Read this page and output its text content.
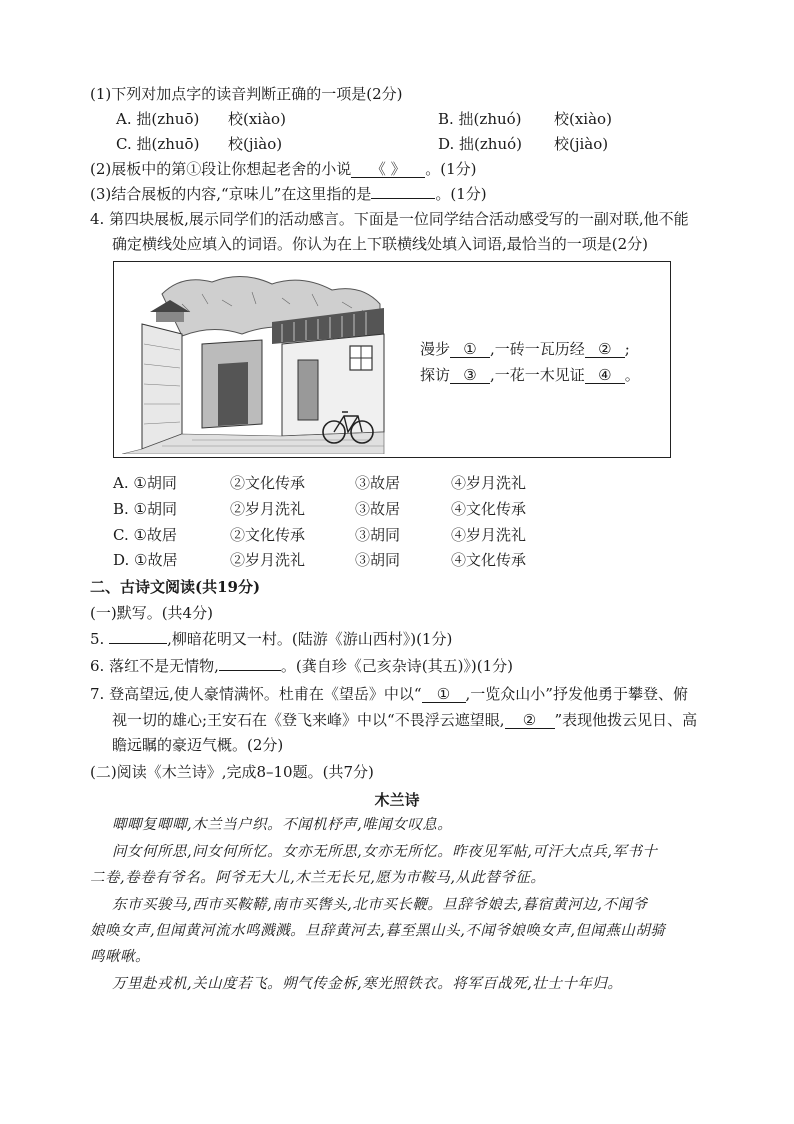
(1)下列对加点字的读音判断正确的一项是(2分)
A. 拙(zhuō) 校(xiào)	B. 拙(zhuó) 校(xiào)
C. 拙(zhuō) 校(jiào)	D. 拙(zhuó) 校(jiào)
(2)展板中的第①段让你想起老舍的小说 《 》 。(1分)
(3)结合展板的内容,“京味儿”在这里指的是	。(1分)
4. 第四块展板,展示同学们的活动感言。下面是一位同学结合活动感受写的一副对联,他不能
确定横线处应填入的词语。你认为在上下联横线处填入词语,最恰当的一项是(2分)
漫步 ① ,一砖一瓦历经 ② ;
探访 ③ ,一花一木见证 ④ 。
A. ①胡同	②文化传承	③故居	④岁月洗礼
B. ①胡同	②岁月洗礼	③故居	④文化传承
C. ①故居	②文化传承	③胡同	④岁月洗礼
D. ①故居	②岁月洗礼	③胡同	④文化传承
二、古诗文阅读(共19分)
(一)默写。(共4分)
5.	,柳暗花明又一村。(陆游《游山西村》)(1分)
6. 落红不是无情物,	。(龚自珍《己亥杂诗(其五)》)(1分)
7. 登高望远,使人豪情满怀。杜甫在《望岳》中以“ ① ,一览众山小”抒发他勇于攀登、俯
视一切的雄心;王安石在《登飞来峰》中以“不畏浮云遮望眼, ② ”表现他拨云见日、高
瞻远瞩的豪迈气概。(2分)
(二)阅读《木兰诗》,完成8–10题。(共7分)
木兰诗
唧唧复唧唧,木兰当户织。不闻机杼声,唯闻女叹息。
问女何所思,问女何所忆。女亦无所思,女亦无所忆。昨夜见军帖,可汗大点兵,军书十
二卷,卷卷有爷名。阿爷无大儿,木兰无长兄,愿为市鞍马,从此替爷征。
东市买骏马,西市买鞍鞯,南市买辔头,北市买长鞭。旦辞爷娘去,暮宿黄河边,不闻爷
娘唤女声,但闻黄河流水鸣溅溅。旦辞黄河去,暮至黑山头,不闻爷娘唤女声,但闻燕山胡骑
鸣啾啾。
万里赴戎机,关山度若飞。朔气传金柝,寒光照铁衣。将军百战死,壮士十年归。
